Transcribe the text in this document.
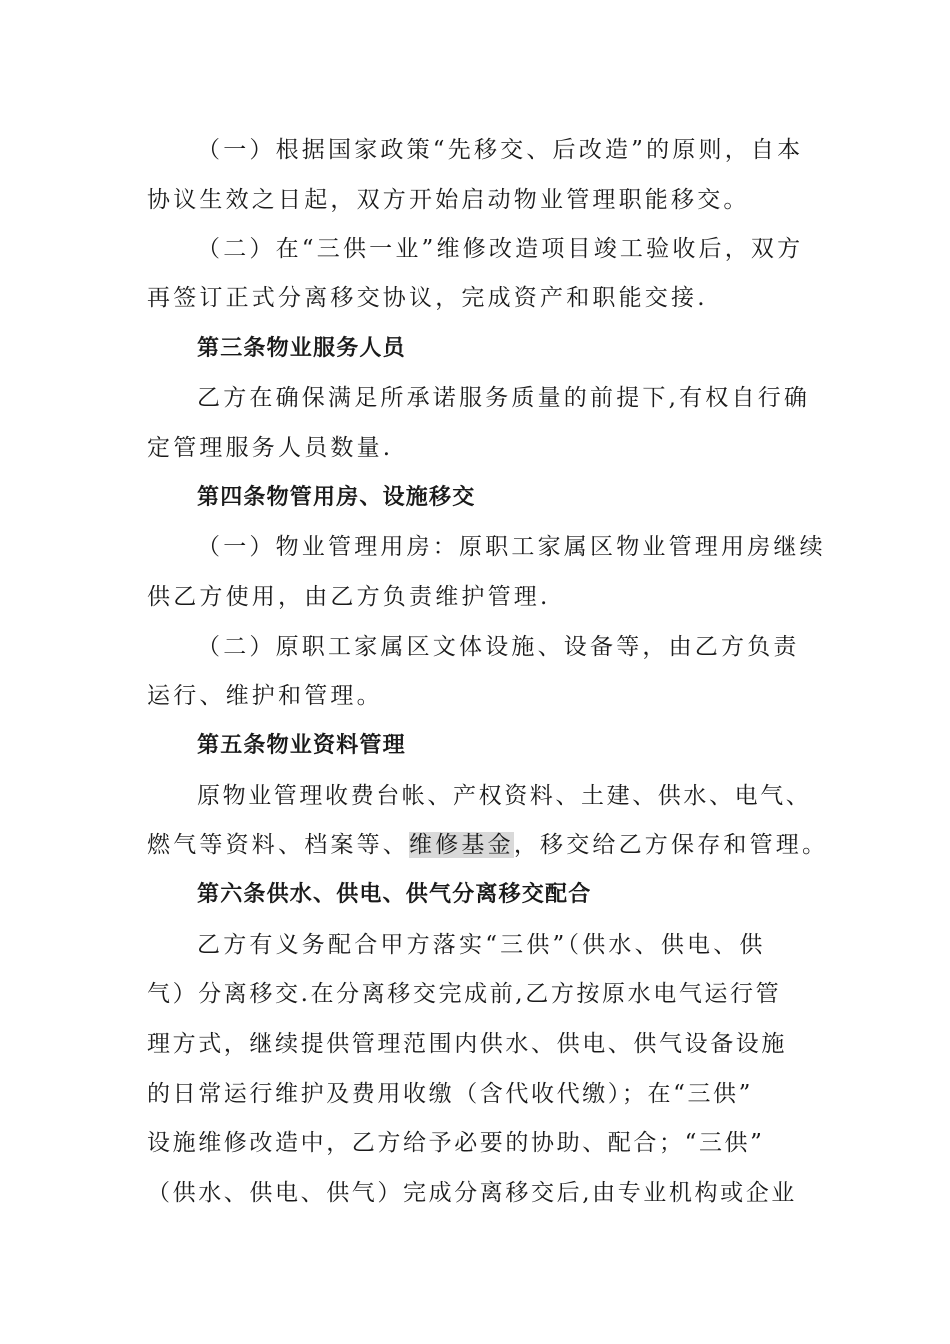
（一）根据国家政策“先移交、后改造”的原则，自本
协议生效之日起，双方开始启动物业管理职能移交。
（二）在“三供一业”维修改造项目竣工验收后，双方
再签订正式分离移交协议，完成资产和职能交接.
第三条物业服务人员
乙方在确保满足所承诺服务质量的前提下,有权自行确
定管理服务人员数量.
第四条物管用房、设施移交
（一）物业管理用房：原职工家属区物业管理用房继续
供乙方使用，由乙方负责维护管理.
（二）原职工家属区文体设施、设备等，由乙方负责
运行、维护和管理。
第五条物业资料管理
原物业管理收费台帐、产权资料、土建、供水、电气、
燃气等资料、档案等、维修基金，移交给乙方保存和管理。
第六条供水、供电、供气分离移交配合
乙方有义务配合甲方落实“三供”（供水、供电、供
气）分离移交.在分离移交完成前,乙方按原水电气运行管
理方式，继续提供管理范围内供水、供电、供气设备设施
的日常运行维护及费用收缴（含代收代缴）；在“三供”
设施维修改造中，乙方给予必要的协助、配合；“三供”
（供水、供电、供气）完成分离移交后,由专业机构或企业
